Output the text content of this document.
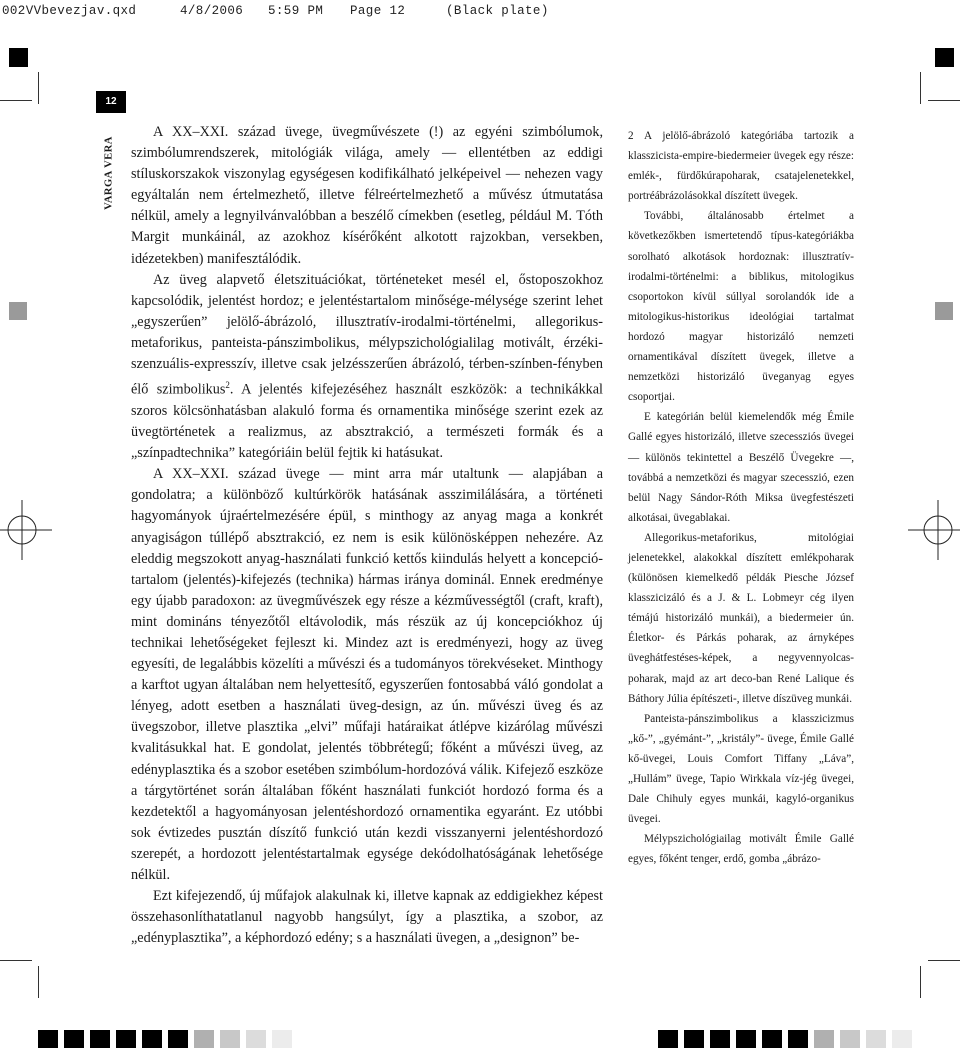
002VVbevezjav.qxd	4/8/2006 5:59 PM Page 12	(Black plate)
12
VARGA VERA

A XX–XXI. század üvege, üvegművészete (!) az egyéni szimbólumok, szimbólumrendszerek, mitológiák világa, amely — ellentétben az eddigi stíluskorszakok viszonylag egységesen kodifikálható jelképeivel — nehezen vagy egyáltalán nem értelmezhető, illetve félreértelmezhető a művész útmutatása nélkül, amely a legnyilvánvalóbban a beszélő címekben (esetleg, például M. Tóth Margit munkáinál, az azokhoz kísérőként alkotott rajzokban, versekben, idézetekben) manifesztálódik.

Az üveg alapvető életszituációkat, történeteket mesél el, őstoposzokhoz kapcsolódik, jelentést hordoz; e jelentéstartalom minősége-mélysége szerint lehet „egyszerűen” jelölő-ábrázoló, illusztratív-irodalmi-történelmi, allegorikus-metaforikus, panteista-pánszimbolikus, mélypszichológialilag motivált, érzéki-szenzuális-expresszív, illetve csak jelzésszerűen ábrázoló, térben-színben-fényben élő szimbolikus$^2$. A jelentés kifejezéséhez használt eszközök: a technikákkal szoros kölcsönhatásban alakuló forma és ornamentika minősége szerint ezek az üvegtörténetek a realizmus, az absztrakció, a természeti formák és a „színpadtechnika” kategóriáin belül fejtik ki hatásukat.

A XX–XXI. század üvege — mint arra már utaltunk — alapjában a gondolatra; a különböző kultúrkörök hatásának asszimilálására, a történeti hagyományok újraértelmezésére épül, s minthogy az anyag maga a konkrét anyagiságon túllépő absztrakció, ez nem is esik különösképpen nehezére. Az eleddig megszokott anyag-használati funkció kettős kiindulás helyett a koncepció-tartalom (jelentés)-kifejezés (technika) hármas iránya dominál. Ennek eredménye egy újabb paradoxon: az üvegművészek egy része a kézművességtől (craft, kraft), mint domináns tényezőtől eltávolodik, más részük az új koncepciókhoz új technikai lehetőségeket fejleszt ki. Mindez azt is eredményezi, hogy az üveg egyesíti, de legalábbis közelíti a művészi és a tudományos törekvéseket. Minthogy a karftot ugyan általában nem helyettesítő, egyszerűen fontosabbá váló gondolat a lényeg, adott esetben a használati üveg-design, az ún. művészi üveg és az üvegszobor, illetve plasztika „elvi” műfaji határaikat átlépve kizárólag művészi kvalitásukkal hat. E gondolat, jelentés többrétegű; főként a művészi üveg, az edényplasztika és a szobor esetében szimbólum-hordozóvá válik. Kifejező eszköze a tárgytörténet során általában főként használati funkciót hordozó forma és a kezdetektől a hagyományosan jelentéshordozó ornamentika egyaránt. Ez utóbbi sok évtizedes pusztán díszítő funkció után kezdi visszanyerni jelentéshordozó szerepét, a hordozott jelentéstartalmak egysége dekódolhatóságának lehetősége nélkül.

Ezt kifejezendő, új műfajok alakulnak ki, illetve kapnak az eddigiekhez képest összehasonlíthatatlanul nagyobb hangsúlyt, így a plasztika, a szobor, az „edényplasztika”, a képhordozó edény; s a használati üvegen, a „designon” be-

2 A jelölő-ábrázoló kategóriába tartozik a klasszicista-empire-biedermeier üvegek egy része: emlék-, fürdőkúrapoharak, csatajelenetekkel, portréábrázolásokkal díszített üvegek.

További, általánosabb értelmet a következőkben ismertetendő típus-kategóriákba sorolható alkotások hordoznak: illusztratív-irodalmi-történelmi: a biblikus, mitologikus csoportokon kívül súllyal sorolandók ide a mitologikus-historikus ideológiai tartalmat hordozó magyar historizáló nemzeti ornamentikával díszített üvegek, illetve a nemzetközi historizáló üveganyag egyes csoportjai.

E kategórián belül kiemelendők még Émile Gallé egyes historizáló, illetve szecessziós üvegei — különös tekintettel a Beszélő Üvegekre —, továbbá a nemzetközi és magyar szecesszió, ezen belül Nagy Sándor-Róth Miksa üvegfestészeti alkotásai, üvegablakai.

Allegorikus-metaforikus, mitológiai jelenetekkel, alakokkal díszített emlékpoharak (különösen kiemelkedő példák Piesche József klasszicizáló és a J. & L. Lobmeyr cég ilyen témájú historizáló munkái), a biedermeier ún. Életkor- és Párkás poharak, az árnyképes üveghátfestéses-képek, a negyvennyolcas-poharak, majd az art deco-ban René Lalique és Báthory Júlia építészeti-, illetve díszüveg munkái.

Panteista-pánszimbolikus a klasszicizmus „kő-”, „gyémánt-”, „kristály”- üvege, Émile Gallé kő-üvegei, Louis Comfort Tiffany „Láva”, „Hullám” üvege, Tapio Wirkkala víz-jég üvegei, Dale Chihuly egyes munkái, kagyló-organikus üvegei.

Mélypszichológiailag motivált Émile Gallé egyes, főként tenger, erdő, gomba „ábrázo-
